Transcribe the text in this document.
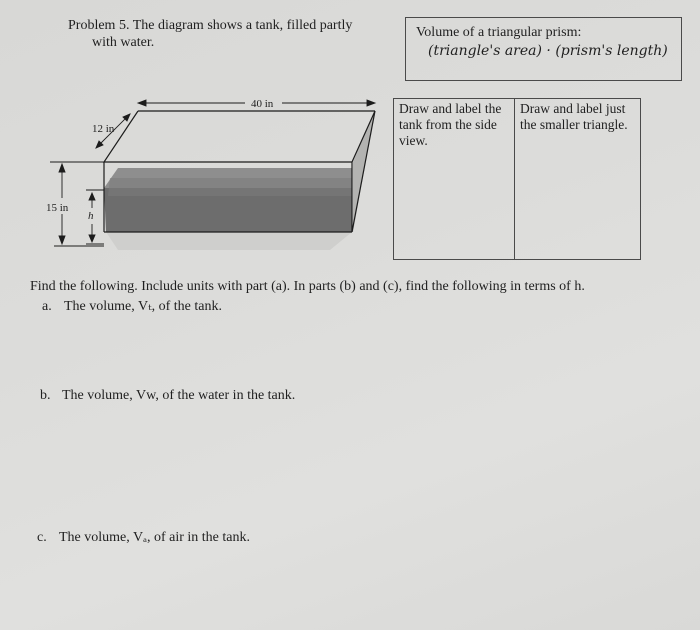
Problem 5. The diagram shows a tank, filled partly
with water.
Volume of a triangular prism:
(triangle's area) · (prism's length)
40 in
12 in
15 in
h
Draw and label the tank from the side view.
Draw and label just the smaller triangle.
Find the following. Include units with part (a). In parts (b) and (c), find the following in terms of h.
a. The volume, Vₜ, of the tank.
b. The volume, Vw, of the water in the tank.
c. The volume, Vₐ, of air in the tank.
